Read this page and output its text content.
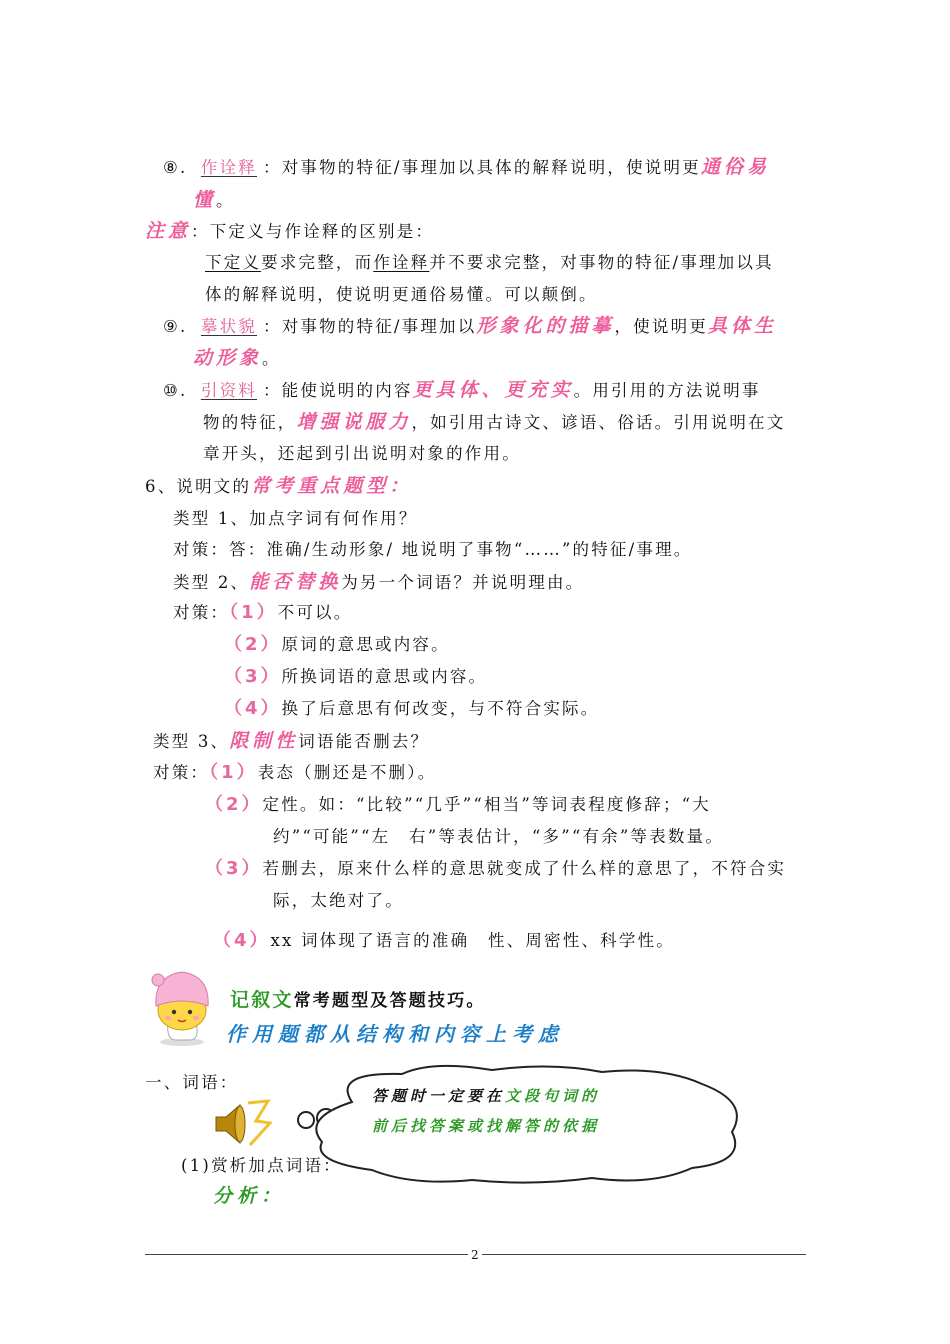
⑧. 作诠释 ：对事物的特征/事理加以具体的解释说明，使说明更通俗易
懂。
注意：下定义与作诠释的区别是：
下定义要求完整，而作诠释并不要求完整，对事物的特征/事理加以具
体的解释说明，使说明更通俗易懂。可以颠倒。
⑨. 摹状貌 ：对事物的特征/事理加以形象化的描摹，使说明更具体生
动形象。
⑩. 引资料 ：能使说明的内容更具体、更充实。用引用的方法说明事
物的特征，增强说服力，如引用古诗文、谚语、俗话。引用说明在文
章开头，还起到引出说明对象的作用。
6、说明文的常考重点题型：
类型 1、加点字词有何作用？
对策：答：准确/生动形象/ 地说明了事物“……”的特征/事理。
类型 2、能否替换为另一个词语？并说明理由。
对策：（1）不可以。
（2）原词的意思或内容。
（3）所换词语的意思或内容。
（4）换了后意思有何改变，与不符合实际。
类型 3、限制性词语能否删去？
对策：（1）表态（删还是不删）。
（2）定性。如：“比较”“几乎”“相当”等词表程度修辞；“大
约”“可能”“左　右”等表估计，“多”“有余”等表数量。
（3）若删去，原来什么样的意思就变成了什么样的意思了，不符合实
际，太绝对了。
（4）xx 词体现了语言的准确　性、周密性、科学性。
记叙文常考题型及答题技巧。
作用题都从结构和内容上考虑
一、词语：
答题时一定要在文段句词的
前后找答案或找解答的依据
(1)赏析加点词语：
分析：
2
